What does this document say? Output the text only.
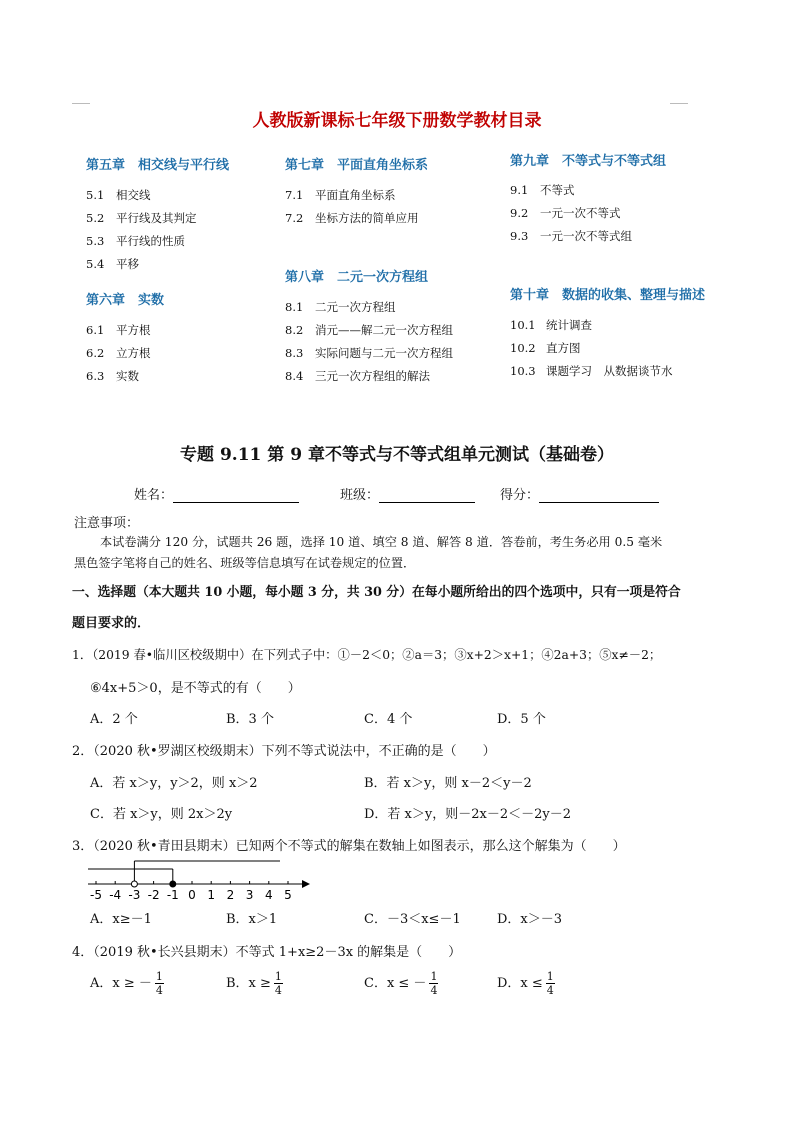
人教版新课标七年级下册数学教材目录
第五章　相交线与平行线
5.1 相交线
5.2 平行线及其判定
5.3 平行线的性质
5.4 平移
第六章　实数
6.1 平方根
6.2 立方根
6.3 实数
第七章　平面直角坐标系
7.1 平面直角坐标系
7.2 坐标方法的简单应用
第八章　二元一次方程组
8.1 二元一次方程组
8.2 消元——解二元一次方程组
8.3 实际问题与二元一次方程组
8.4 三元一次方程组的解法
第九章　不等式与不等式组
9.1 不等式
9.2 一元一次不等式
9.3 一元一次不等式组
第十章　数据的收集、整理与描述
10.1 统计调查
10.2 直方图
10.3 课题学习　从数据谈节水
专题 9.11 第 9 章不等式与不等式组单元测试（基础卷）
姓名：	班级：	得分：
注意事项：
本试卷满分 120 分，试题共 26 题，选择 10 道、填空 8 道、解答 8 道．答卷前，考生务必用 0.5 毫米
黑色签字笔将自己的姓名、班级等信息填写在试卷规定的位置．
一、选择题（本大题共 10 小题，每小题 3 分，共 30 分）在每小题所给出的四个选项中，只有一项是符合
题目要求的．
1．（2019 春•临川区校级期中）在下列式子中：①－2＜0；②a＝3；③x+2＞x+1；④2a+3；⑤x≠－2；
⑥4x+5＞0，是不等式的有（　　）
A．2 个	B．3 个	C．4 个	D．5 个
2．（2020 秋•罗湖区校级期末）下列不等式说法中，不正确的是（　　）
A．若 x＞y，y＞2，则 x＞2	B．若 x＞y，则 x－2＜y－2
C．若 x＞y，则 2x＞2y	D．若 x＞y，则－2x－2＜－2y－2
3．（2020 秋•青田县期末）已知两个不等式的解集在数轴上如图表示，那么这个解集为（　　）
-5 -4 -3 -2 -1 0 1 2 3 4 5
A．x≥－1	B．x＞1	C．－3＜x≤－1	D．x＞－3
4．（2019 秋•长兴县期末）不等式 1+x≥2－3x 的解集是（　　）
A．x ≥ － $\frac{1}{4}$	B．$x \ge \frac{1}{4}$	C．x ≤ － $\frac{1}{4}$	D．$x \le \frac{1}{4}$
